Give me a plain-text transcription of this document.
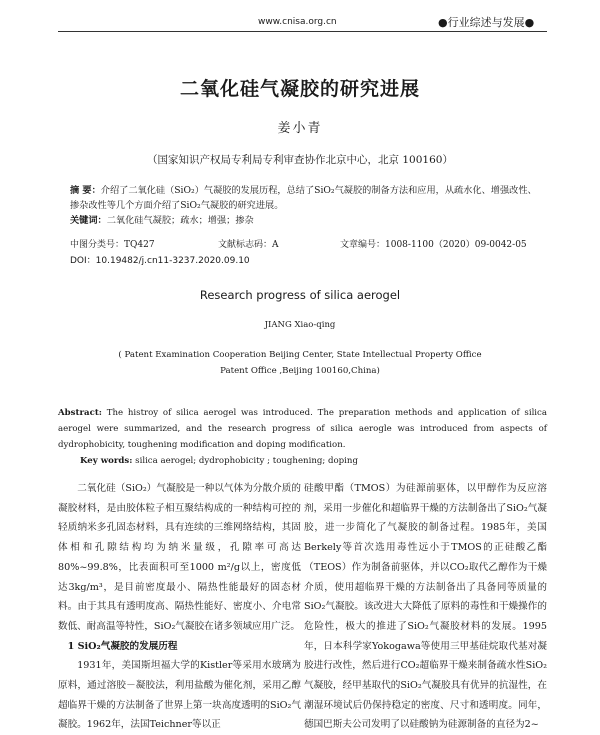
www.cnisa.org.cn	●行业综述与发展●
二氧化硅气凝胶的研究进展
姜小青
（国家知识产权局专利局专利审查协作北京中心，北京 100160）
摘 要：介绍了二氧化硅（SiO₂）气凝胶的发展历程，总结了SiO₂气凝胶的制备方法和应用，从疏水化、增强改性、掺杂改性等几个方面介绍了SiO₂气凝胶的研究进展。
关键词：二氧化硅气凝胶；疏水；增强；掺杂
中图分类号：TQ427	文献标志码：A	文章编号：1008-1100（2020）09-0042-05
DOI：10.19482/j.cn11-3237.2020.09.10
Research progress of silica aerogel
JIANG Xiao-qing
( Patent Examination Cooperation Beijing Center, State Intellectual Property Office Patent Office ,Beijing 100160,China)
Abstract: The histroy of silica aerogel was introduced. The preparation methods and application of silica aerogel were summarized, and the research progress of silica aerogle was introduced from aspects of dydrophobicity, toughening modification and doping modification.
Key words: silica aerogel; dydrophobicity ; toughening; doping

二氧化硅（SiO₂）气凝胶是一种以气体为分散介质的凝胶材料，是由胶体粒子相互聚结构成的一种结构可控的轻质纳米多孔固态材料，具有连续的三维网络结构，其固体相和孔隙结构均为纳米量级，孔隙率可高达80%~99.8%，比表面积可至1000 m²/g以上，密度低达3kg/m³，是目前密度最小、隔热性能最好的固态材料。由于其具有透明度高、隔热性能好、密度小、介电常数低、耐高温等特性，SiO₂气凝胶在诸多领域应用广泛。

1 SiO₂气凝胶的发展历程

1931年，美国斯坦福大学的Kistler等采用水玻璃为原料，通过溶胶－凝胶法，利用盐酸为催化剂，采用乙醇超临界干燥的方法制备了世界上第一块高度透明的SiO₂气凝胶。1962年，法国Teichner等以正

硅酸甲酯（TMOS）为硅源前驱体，以甲醇作为反应溶剂，采用一步催化和超临界干燥的方法制备出了SiO₂气凝胶，进一步简化了气凝胶的制备过程。1985年，美国Berkely等首次选用毒性远小于TMOS的正硅酸乙酯（TEOS）作为制备前驱体，并以CO₂取代乙醇作为干燥介质，使用超临界干燥的方法制备出了具备同等质量的SiO₂气凝胶。该改进大大降低了原料的毒性和干燥操作的危险性，极大的推进了SiO₂气凝胶材料的发展。1995年，日本科学家Yokogawa等使用三甲基硅烷取代基对凝胶进行改性，然后进行CO₂超临界干燥来制备疏水性SiO₂气凝胶，经甲基取代的SiO₂气凝胶具有优异的抗湿性，在潮湿环境试后仍保持稳定的密度、尺寸和透明度。同年，德国巴斯夫公司发明了以硅酸钠为硅源制备的直径为2~
